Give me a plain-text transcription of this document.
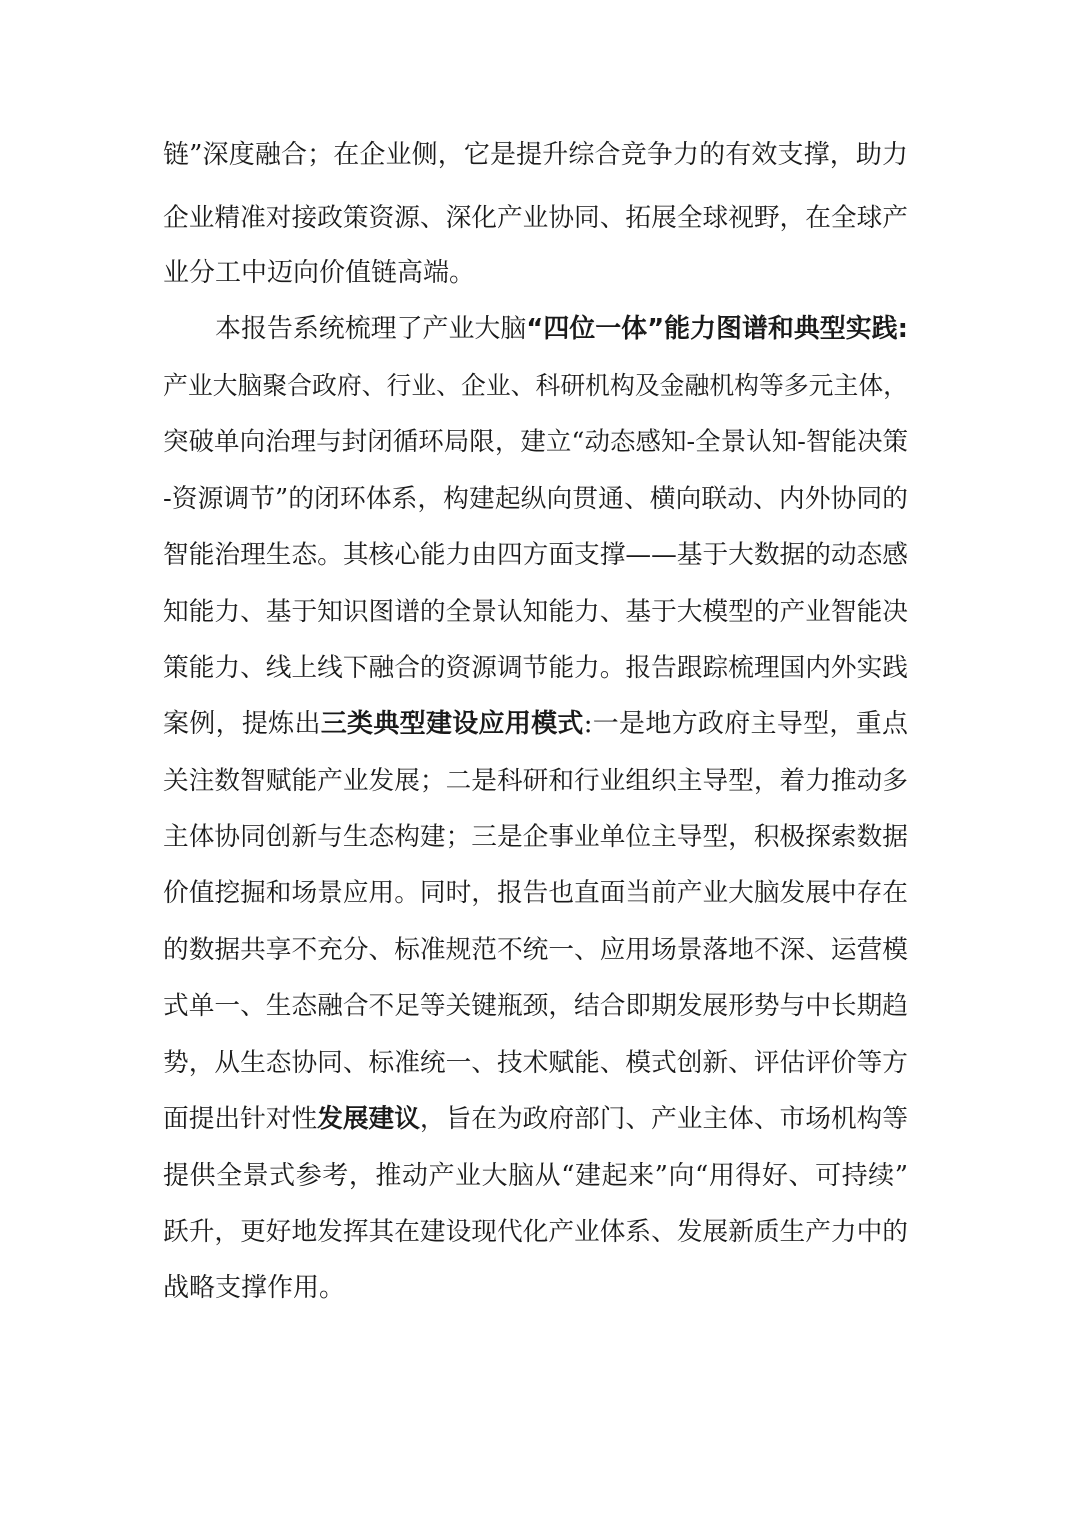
链”深度融合；在企业侧，它是提升综合竞争力的有效支撑，助力
企业精准对接政策资源、深化产业协同、拓展全球视野，在全球产
业分工中迈向价值链高端。
本报告系统梳理了产业大脑“四位一体”能力图谱和典型实践:
产业大脑聚合政府、行业、企业、科研机构及金融机构等多元主体，
突破单向治理与封闭循环局限，建立“动态感知-全景认知-智能决策
-资源调节”的闭环体系，构建起纵向贯通、横向联动、内外协同的
智能治理生态。其核心能力由四方面支撑——基于大数据的动态感
知能力、基于知识图谱的全景认知能力、基于大模型的产业智能决
策能力、线上线下融合的资源调节能力。报告跟踪梳理国内外实践
案例，提炼出三类典型建设应用模式:一是地方政府主导型，重点
关注数智赋能产业发展；二是科研和行业组织主导型，着力推动多
主体协同创新与生态构建；三是企事业单位主导型，积极探索数据
价值挖掘和场景应用。同时，报告也直面当前产业大脑发展中存在
的数据共享不充分、标准规范不统一、应用场景落地不深、运营模
式单一、生态融合不足等关键瓶颈，结合即期发展形势与中长期趋
势，从生态协同、标准统一、技术赋能、模式创新、评估评价等方
面提出针对性发展建议，旨在为政府部门、产业主体、市场机构等
提供全景式参考，推动产业大脑从“建起来”向“用得好、可持续”
跃升，更好地发挥其在建设现代化产业体系、发展新质生产力中的
战略支撑作用。
